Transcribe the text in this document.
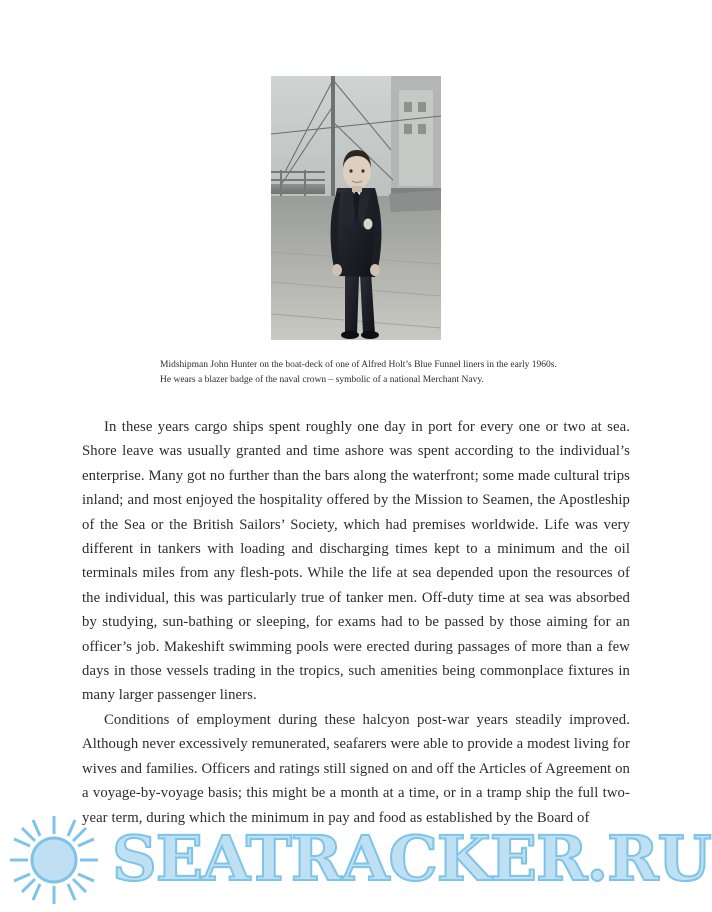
Midshipman John Hunter on the boat-deck of one of Alfred Holt’s Blue Funnel liners in the early 1960s. He wears a blazer badge of the naval crown – symbolic of a national Merchant Navy.

In these years cargo ships spent roughly one day in port for every one or two at sea. Shore leave was usually granted and time ashore was spent according to the individual’s enterprise. Many got no further than the bars along the waterfront; some made cultural trips inland; and most enjoyed the hospitality offered by the Mission to Seamen, the Apostleship of the Sea or the British Sailors’ Society, which had premises worldwide. Life was very different in tankers with loading and discharging times kept to a minimum and the oil terminals miles from any flesh-pots. While the life at sea depended upon the resources of the individual, this was particularly true of tanker men. Off-duty time at sea was absorbed by studying, sun-bathing or sleeping, for exams had to be passed by those aiming for an officer’s job. Makeshift swimming pools were erected during passages of more than a few days in those vessels trading in the tropics, such amenities being commonplace fixtures in many larger passenger liners.

Conditions of employment during these halcyon post-war years steadily improved. Although never excessively remunerated, seafarers were able to provide a modest living for wives and families. Officers and ratings still signed on and off the Articles of Agreement on a voyage-by-voyage basis; this might be a month at a time, or in a tramp ship the full two-year term, during which the minimum in pay and food as established by the Board of

SEATRACKER.RU
